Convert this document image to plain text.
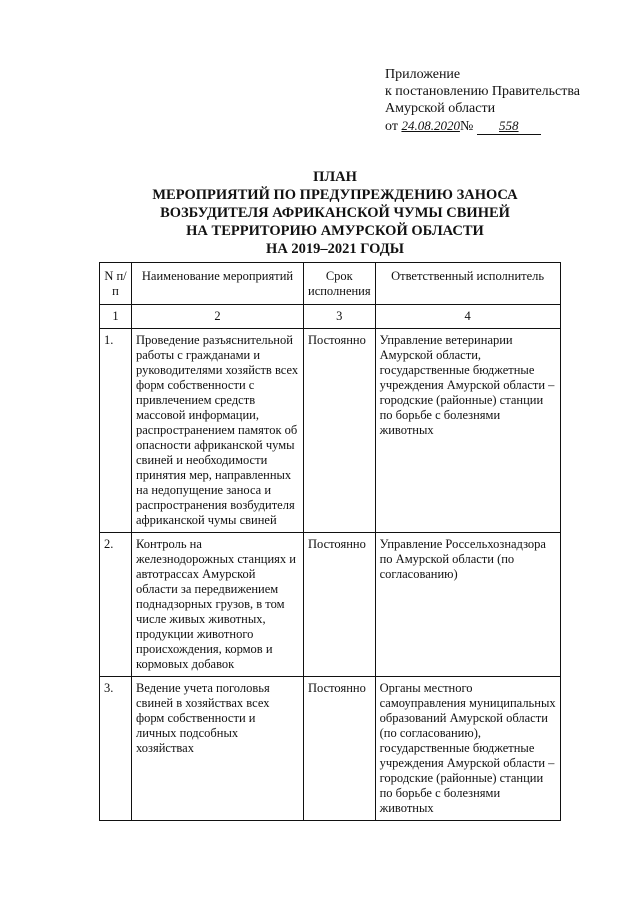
Приложение
к постановлению Правительства
Амурской области
от 24.08.2020№ 558
ПЛАН
МЕРОПРИЯТИЙ ПО ПРЕДУПРЕЖДЕНИЮ ЗАНОСА
ВОЗБУДИТЕЛЯ АФРИКАНСКОЙ ЧУМЫ СВИНЕЙ
НА ТЕРРИТОРИЮ АМУРСКОЙ ОБЛАСТИ
НА 2019–2021 ГОДЫ
N п/п	Наименование мероприятий	Срок исполнения	Ответственный исполнитель
1	2	3	4
1.	Проведение разъяснительной работы с гражданами и руководителями хозяйств всех форм собственности с привлечением средств массовой информации, распространением памяток об опасности африканской чумы свиней и необходимости принятия мер, направленных на недопущение заноса и распространения возбудителя африканской чумы свиней	Постоянно	Управление ветеринарии Амурской области, государственные бюджетные учреждения Амурской области – городские (районные) станции по борьбе с болезнями животных
2.	Контроль на железнодорожных станциях и автотрассах Амурской области за передвижением поднадзорных грузов, в том числе живых животных, продукции животного происхождения, кормов и кормовых добавок	Постоянно	Управление Россельхознадзора по Амурской области (по согласованию)
3.	Ведение учета поголовья свиней в хозяйствах всех форм собственности и личных подсобных хозяйствах	Постоянно	Органы местного самоуправления муниципальных образований Амурской области (по согласованию), государственные бюджетные учреждения Амурской области – городские (районные) станции по борьбе с болезнями животных
